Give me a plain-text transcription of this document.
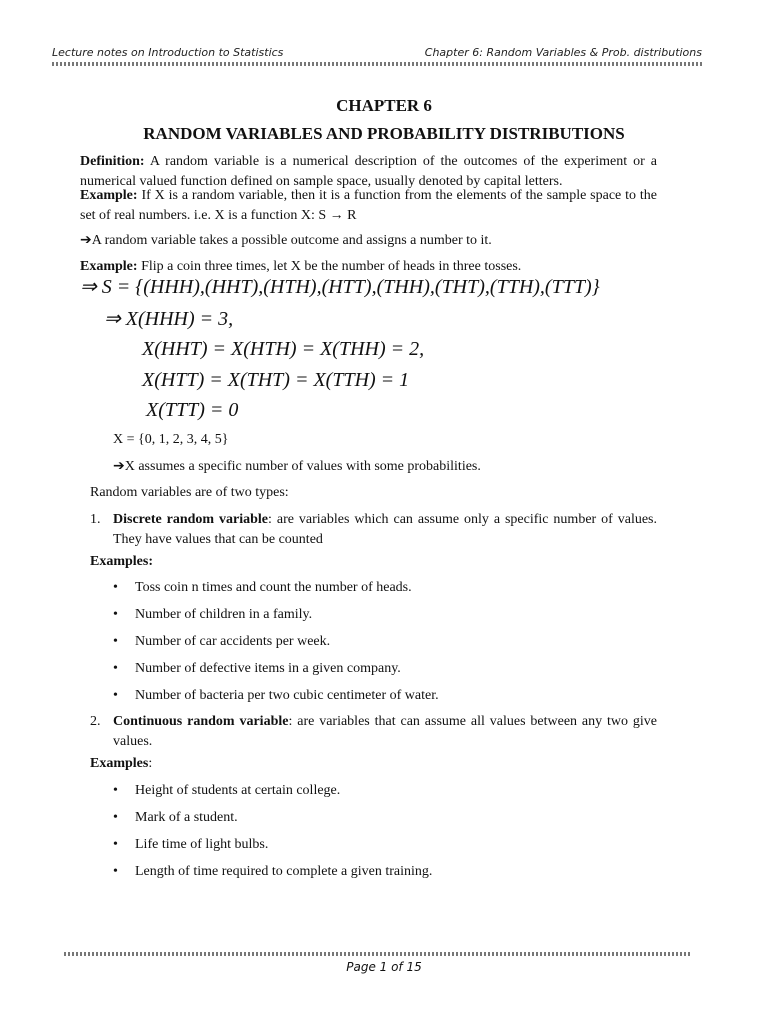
Lecture notes on Introduction to Statistics	Chapter 6: Random Variables & Prob. distributions
CHAPTER 6
RANDOM VARIABLES AND PROBABILITY DISTRIBUTIONS
Definition: A random variable is a numerical description of the outcomes of the experiment or a numerical valued function defined on sample space, usually denoted by capital letters.
Example: If X is a random variable, then it is a function from the elements of the sample space to the set of real numbers. i.e. X is a function X: S → R
➔A random variable takes a possible outcome and assigns a number to it.
Example: Flip a coin three times, let X be the number of heads in three tosses.
⇒ S = {(HHH),(HHT),(HTH),(HTT),(THH),(THT),(TTH),(TTT)}
⇒ X(HHH) = 3,
X(HHT) = X(HTH) = X(THH) = 2,
X(HTT) = X(THT) = X(TTH) = 1
X(TTT) = 0
X = {0, 1, 2, 3, 4, 5}
➔X assumes a specific number of values with some probabilities.
Random variables are of two types:
1. Discrete random variable: are variables which can assume only a specific number of values. They have values that can be counted
Examples:
• Toss coin n times and count the number of heads.
• Number of children in a family.
• Number of car accidents per week.
• Number of defective items in a given company.
• Number of bacteria per two cubic centimeter of water.
2. Continuous random variable: are variables that can assume all values between any two give values.
Examples:
• Height of students at certain college.
• Mark of a student.
• Life time of light bulbs.
• Length of time required to complete a given training.
Page 1 of 15
